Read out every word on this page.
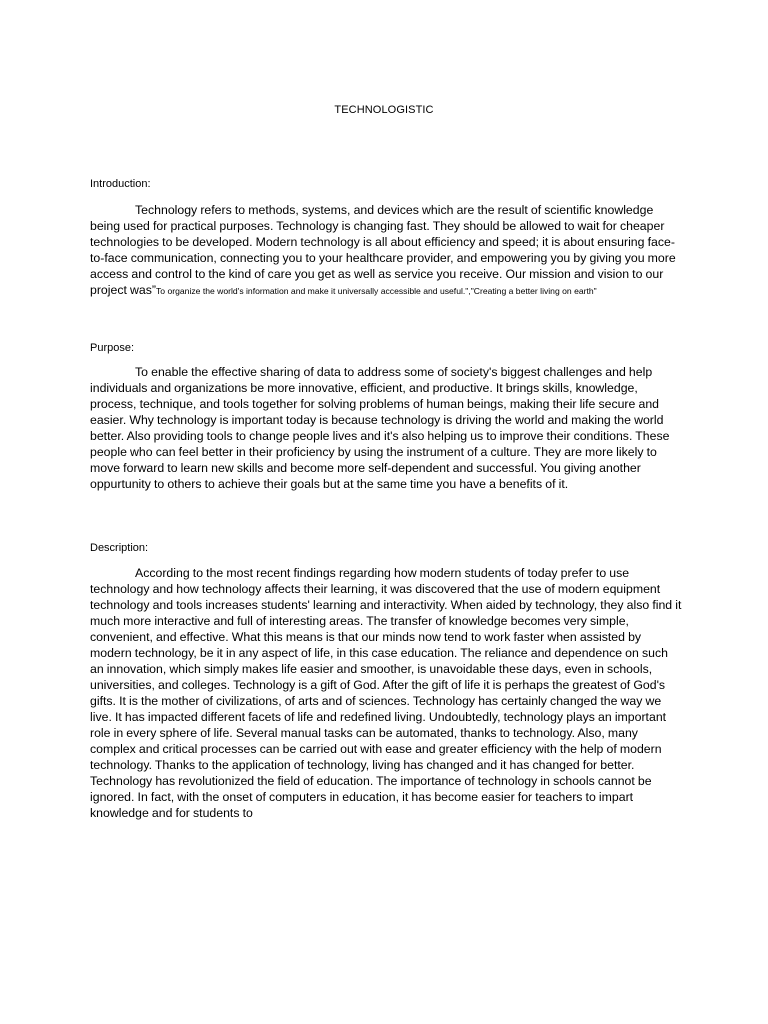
TECHNOLOGISTIC
Introduction:

Technology refers to methods, systems, and devices which are the result of scientific knowledge being used for practical purposes. Technology is changing fast. They should be allowed to wait for cheaper technologies to be developed. Modern technology is all about efficiency and speed; it is about ensuring face-to-face communication, connecting you to your healthcare provider, and empowering you by giving you more access and control to the kind of care you get as well as service you receive. Our mission and vision to our project was”To organize the world's information and make it universally accessible and useful.","Creating a better living on earth"

Purpose:

To enable the effective sharing of data to address some of society's biggest challenges and help individuals and organizations be more innovative, efficient, and productive. It brings skills, knowledge, process, technique, and tools together for solving problems of human beings, making their life secure and easier. Why technology is important today is because technology is driving the world and making the world better. Also providing tools to change people lives and it's also helping us to improve their conditions. These people who can feel better in their proficiency by using the instrument of a culture. They are more likely to move forward to learn new skills and become more self-dependent and successful. You giving another oppurtunity to others to achieve their goals but at the same time you have a benefits of it.

Description:

According to the most recent findings regarding how modern students of today prefer to use technology and how technology affects their learning, it was discovered that the use of modern equipment technology and tools increases students' learning and interactivity. When aided by technology, they also find it much more interactive and full of interesting areas. The transfer of knowledge becomes very simple, convenient, and effective. What this means is that our minds now tend to work faster when assisted by modern technology, be it in any aspect of life, in this case education. The reliance and dependence on such an innovation, which simply makes life easier and smoother, is unavoidable these days, even in schools, universities, and colleges. Technology is a gift of God. After the gift of life it is perhaps the greatest of God's gifts. It is the mother of civilizations, of arts and of sciences. Technology has certainly changed the way we live. It has impacted different facets of life and redefined living. Undoubtedly, technology plays an important role in every sphere of life. Several manual tasks can be automated, thanks to technology. Also, many complex and critical processes can be carried out with ease and greater efficiency with the help of modern technology. Thanks to the application of technology, living has changed and it has changed for better. Technology has revolutionized the field of education. The importance of technology in schools cannot be ignored. In fact, with the onset of computers in education, it has become easier for teachers to impart knowledge and for students to
